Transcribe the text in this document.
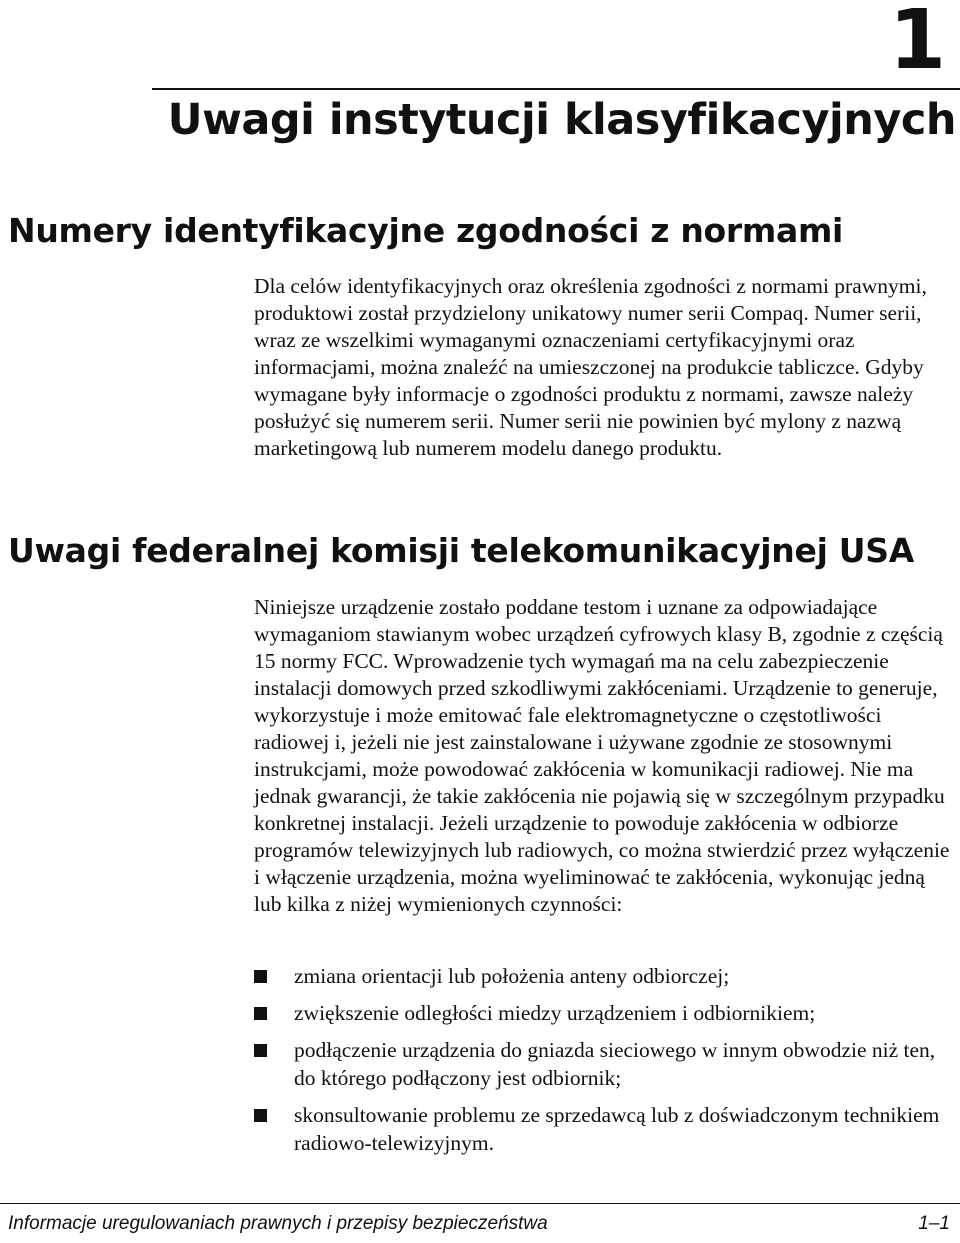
1
Uwagi instytucji klasyfikacyjnych
Numery identyfikacyjne zgodności z normami

Dla celów identyfikacyjnych oraz określenia zgodności z normami prawnymi, produktowi został przydzielony unikatowy numer serii Compaq. Numer serii, wraz ze wszelkimi wymaganymi oznaczeniami certyfikacyjnymi oraz informacjami, można znaleźć na umieszczonej na produkcie tabliczce. Gdyby wymagane były informacje o zgodności produktu z normami, zawsze należy posłużyć się numerem serii. Numer serii nie powinien być mylony z nazwą marketingową lub numerem modelu danego produktu.

Uwagi federalnej komisji telekomunikacyjnej USA

Niniejsze urządzenie zostało poddane testom i uznane za odpowiadające wymaganiom stawianym wobec urządzeń cyfrowych klasy B, zgodnie z częścią 15 normy FCC. Wprowadzenie tych wymagań ma na celu zabezpieczenie instalacji domowych przed szkodliwymi zakłóceniami. Urządzenie to generuje, wykorzystuje i może emitować fale elektromagnetyczne o częstotliwości radiowej i, jeżeli nie jest zainstalowane i używane zgodnie ze stosownymi instrukcjami, może powodować zakłócenia w komunikacji radiowej. Nie ma jednak gwarancji, że takie zakłócenia nie pojawią się w szczególnym przypadku konkretnej instalacji. Jeżeli urządzenie to powoduje zakłócenia w odbiorze programów telewizyjnych lub radiowych, co można stwierdzić przez wyłączenie i włączenie urządzenia, można wyeliminować te zakłócenia, wykonując jedną lub kilka z niżej wymienionych czynności:

zmiana orientacji lub położenia anteny odbiorczej;
zwiększenie odległości miedzy urządzeniem i odbiornikiem;
podłączenie urządzenia do gniazda sieciowego w innym obwodzie niż ten, do którego podłączony jest odbiornik;
skonsultowanie problemu ze sprzedawcą lub z doświadczonym technikiem radiowo-telewizyjnym.
Informacje uregulowaniach prawnych i przepisy bezpieczeństwa	1–1
